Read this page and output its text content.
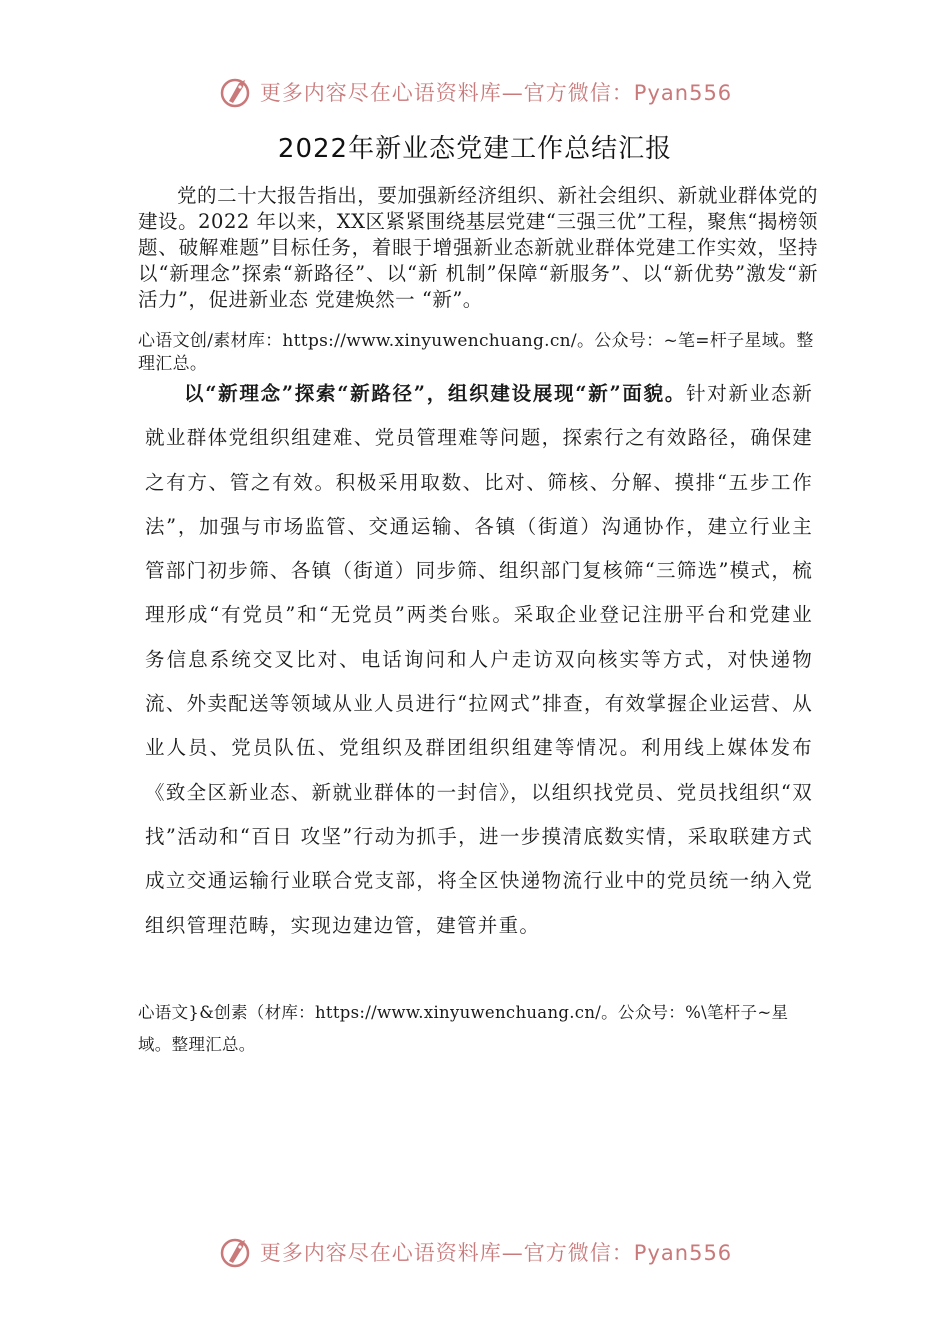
更多内容尽在心语资料库—官方微信：Pyan556
2022年新业态党建工作总结汇报
党的二十大报告指出，要加强新经济组织、新社会组织、新就业群体党的建设。2022 年以来，XX区紧紧围绕基层党建“三强三优”工程，聚焦“揭榜领题、破解难题”目标任务，着眼于增强新业态新就业群体党建工作实效，坚持以“新理念”探索“新路径”、以“新 机制”保障“新服务”、以“新优势”激发“新活力”，促进新业态 党建焕然一 “新”。
心语文创/素材库：https://www.xinyuwenchuang.cn/。公众号：~笔=杆子星域。整理汇总。
以“新理念”探索“新路径”，组织建设展现“新”面貌。针对新业态新就业群体党组织组建难、党员管理难等问题，探索行之有效路径，确保建之有方、管之有效。积极采用取数、比对、筛核、分解、摸排“五步工作法”，加强与市场监管、交通运输、各镇（街道）沟通协作，建立行业主管部门初步筛、各镇（街道）同步筛、组织部门复核筛“三筛选”模式，梳理形成“有党员”和“无党员”两类台账。采取企业登记注册平台和党建业务信息系统交叉比对、电话询问和人户走访双向核实等方式，对快递物流、外卖配送等领域从业人员进行“拉网式”排查，有效掌握企业运营、从业人员、党员队伍、党组织及群团组织组建等情况。利用线上媒体发布《致全区新业态、新就业群体的一封信》，以组织找党员、党员找组织“双找”活动和“百日 攻坚”行动为抓手，进一步摸清底数实情，采取联建方式成立交通运输行业联合党支部，将全区快递物流行业中的党员统一纳入党组织管理范畴，实现边建边管，建管并重。
心语文}&创素（材库：https://www.xinyuwenchuang.cn/。公众号：%\笔杆子~星域。整理汇总。
更多内容尽在心语资料库—官方微信：Pyan556
